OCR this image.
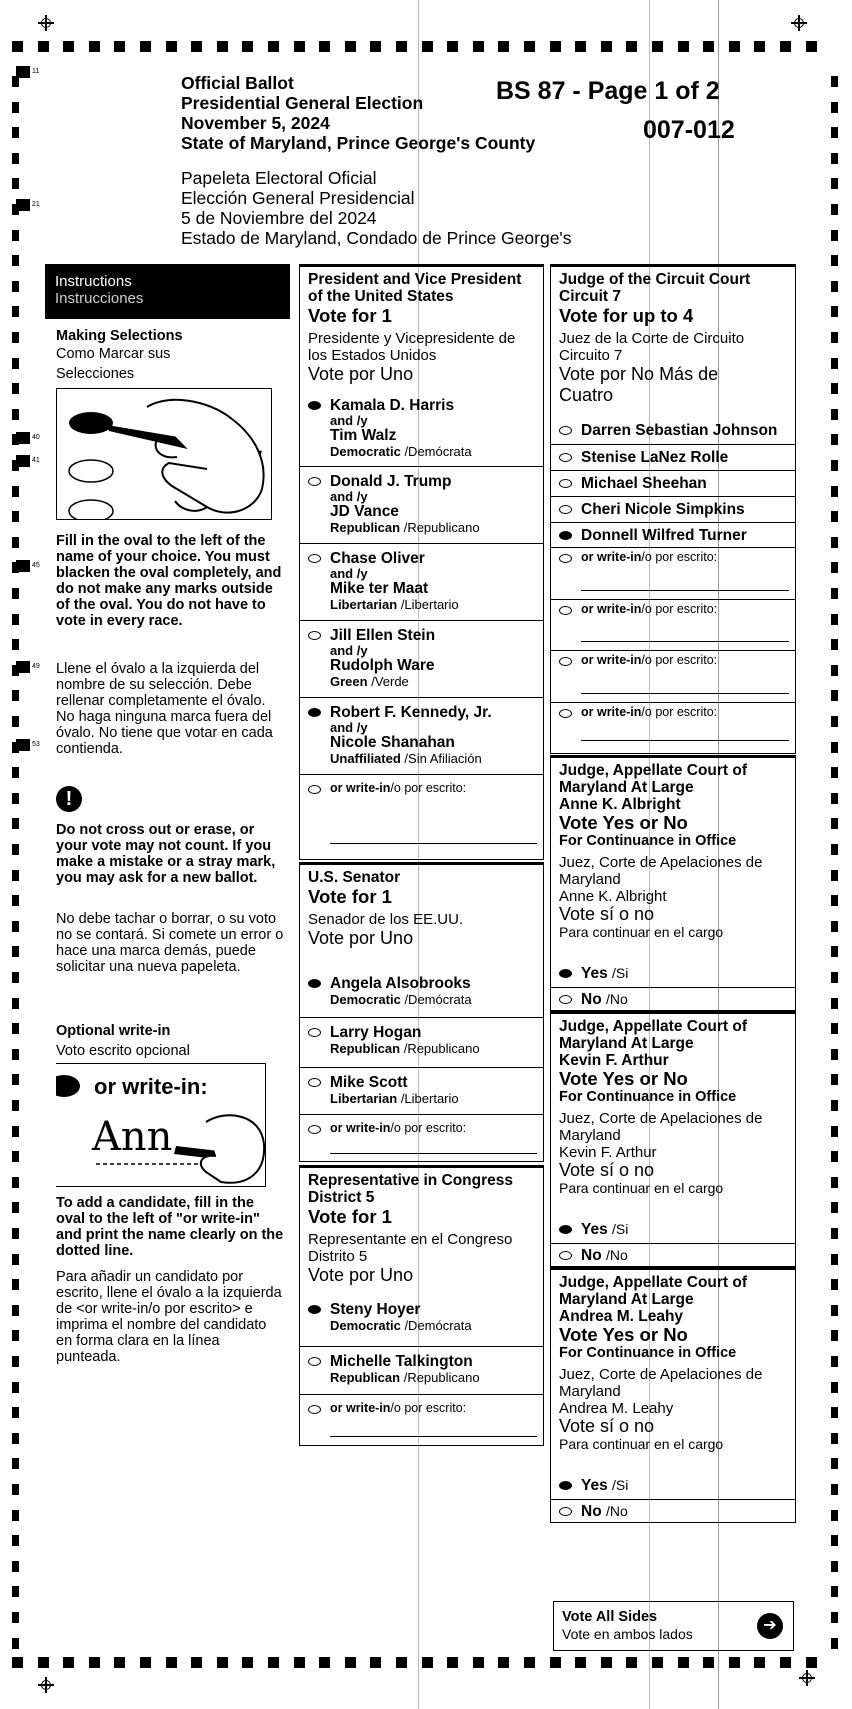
11
21
40
41
45
49
53
Official Ballot
Presidential General Election
November 5, 2024
State of Maryland, Prince George's County
Papeleta Electoral Oficial
Elección General Presidencial
5 de Noviembre del 2024
Estado de Maryland, Condado de Prince George's
BS 87 - Page 1 of 2
007-012
Instructions
Instrucciones
Making Selections
Como Marcar sus
Selecciones
Fill in the oval to the left of the name of your choice. You must blacken the oval completely, and do not make any marks outside of the oval. You do not have to vote in every race.
Llene el óvalo a la izquierda del nombre de su selección. Debe rellenar completamente el óvalo. No haga ninguna marca fuera del óvalo. No tiene que votar en cada contienda.
!
Do not cross out or erase, or your vote may not count. If you make a mistake or a stray mark, you may ask for a new ballot.
No debe tachar o borrar, o su voto no se contará. Si comete un error o hace una marca demás, puede solicitar una nueva papeleta.
Optional write-in
Voto escrito opcional
or write-in:
Ann
To add a candidate, fill in the oval to the left of "or write-in" and print the name clearly on the dotted line.
Para añadir un candidato por escrito, llene el óvalo a la izquierda de <or write-in/o por escrito> e imprima el nombre del candidato en forma clara en la línea punteada.
President and Vice President of the United States
Vote for 1
Presidente y Vicepresidente de los Estados Unidos
Vote por Uno
Kamala D. Harris
and /y
Tim Walz
Democratic /Demócrata
Donald J. Trump
and /y
JD Vance
Republican /Republicano
Chase Oliver
and /y
Mike ter Maat
Libertarian /Libertario
Jill Ellen Stein
and /y
Rudolph Ware
Green /Verde
Robert F. Kennedy, Jr.
and /y
Nicole Shanahan
Unaffiliated /Sin Afiliación
or write-in/o por escrito:
U.S. Senator
Vote for 1
Senador de los EE.UU.
Vote por Uno
Angela Alsobrooks
Democratic /Demócrata
Larry Hogan
Republican /Republicano
Mike Scott
Libertarian /Libertario
or write-in/o por escrito:
Representative in Congress
District 5
Vote for 1
Representante en el Congreso
Distrito 5
Vote por Uno
Steny Hoyer
Democratic /Demócrata
Michelle Talkington
Republican /Republicano
or write-in/o por escrito:
Judge of the Circuit Court
Circuit 7
Vote for up to 4
Juez de la Corte de Circuito
Circuito 7
Vote por No Más de
Cuatro
Darren Sebastian Johnson
Stenise LaNez Rolle
Michael Sheehan
Cheri Nicole Simpkins
Donnell Wilfred Turner
or write-in/o por escrito:
or write-in/o por escrito:
or write-in/o por escrito:
or write-in/o por escrito:
Judge, Appellate Court of
Maryland At Large
Anne K. Albright
Vote Yes or No
For Continuance in Office
Juez, Corte de Apelaciones de
Maryland
Anne K. Albright
Vote sí o no
Para continuar en el cargo
Yes /Si
No /No
Judge, Appellate Court of
Maryland At Large
Kevin F. Arthur
Vote Yes or No
For Continuance in Office
Juez, Corte de Apelaciones de
Maryland
Kevin F. Arthur
Vote sí o no
Para continuar en el cargo
Yes /Si
No /No
Judge, Appellate Court of
Maryland At Large
Andrea M. Leahy
Vote Yes or No
For Continuance in Office
Juez, Corte de Apelaciones de
Maryland
Andrea M. Leahy
Vote sí o no
Para continuar en el cargo
Yes /Si
No /No
Vote All Sides
Vote en ambos lados	➔
